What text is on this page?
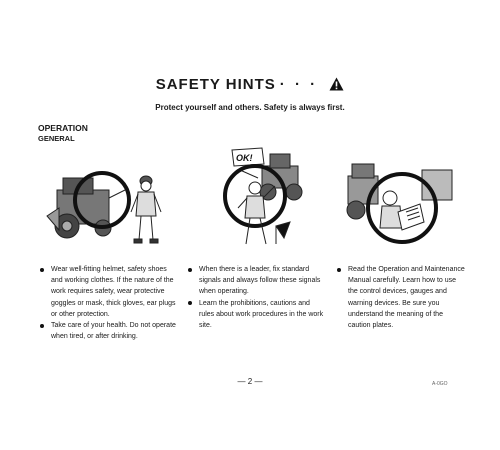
SAFETY HINTS · · ·
Protect yourself and others. Safety is always first.
OPERATION
GENERAL
OK!
Wear well-fitting helmet, safety shoes and working clothes. If the nature of the work requires safety, wear protective goggles or mask, thick gloves, ear plugs or other protection.
Take care of your health. Do not operate when tired, or after drinking.
When there is a leader, fix standard signals and always follow these signals when operating.
Learn the prohibitions, cautions and rules about work procedures in the work site.
Read the Operation and Maintenance Manual carefully. Learn how to use the control devices, gauges and warning devices. Be sure you understand the meaning of the caution plates.
— 2 —	A-0GO
